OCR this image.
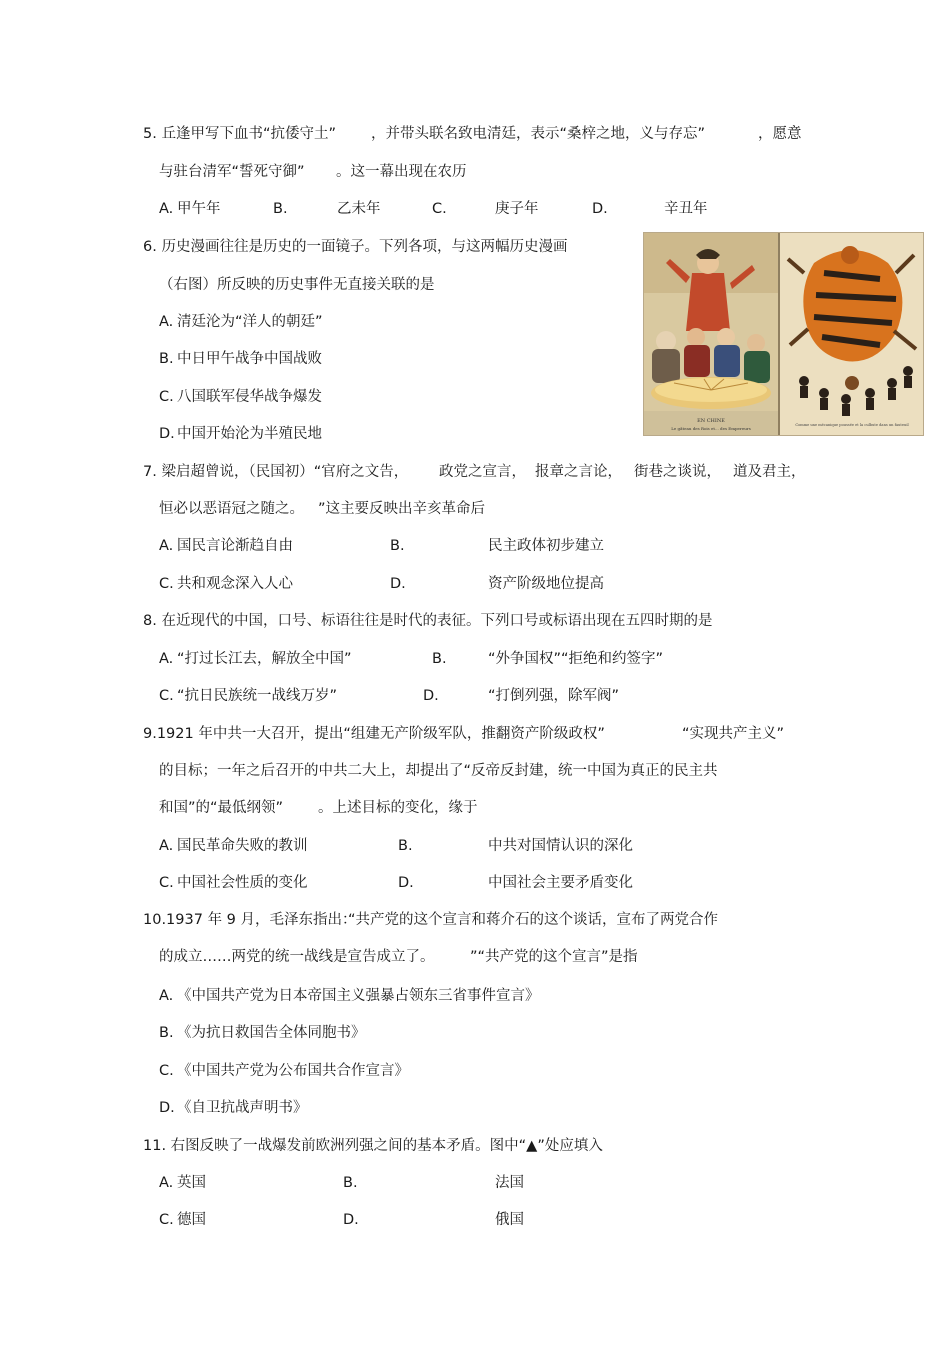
5. 丘逢甲写下血书“抗倭守土” ，并带头联名致电清廷，表示“桑梓之地，义与存忘”	，愿意
与驻台清军“誓死守御” 。这一幕出现在农历
A. 甲午年	B.	乙未年	C.	庚子年	D.	辛丑年
6. 历史漫画往往是历史的一面镜子。下列各项，与这两幅历史漫画
（右图）所反映的历史事件无直接关联的是
A. 清廷沦为“洋人的朝廷”
B. 中日甲午战争中国战败
C. 八国联军侵华战争爆发
D. 中国开始沦为半殖民地
EN CHINE
Le gâteau des Rois et... des Empereurs
Comme une mécanique poussée et la culbute dans un fauteuil
7. 梁启超曾说，（民国初）“官府之文告， 政党之宣言， 报章之言论， 街巷之谈说， 道及君主，
恒必以恶语冠之随之。 ”这主要反映出辛亥革命后
A. 国民言论渐趋自由	B.	民主政体初步建立
C. 共和观念深入人心	D.	资产阶级地位提高
8. 在近现代的中国，口号、标语往往是时代的表征。下列口号或标语出现在五四时期的是
A. “打过长江去，解放全中国”	B.	“外争国权”“拒绝和约签字”
C. “抗日民族统一战线万岁”	D.	“打倒列强，除军阀”
9.1921 年中共一大召开，提出“组建无产阶级军队，推翻资产阶级政权”	“实现共产主义”
的目标；一年之后召开的中共二大上，却提出了“反帝反封建，统一中国为真正的民主共
和国”的“最低纲领” 。上述目标的变化，缘于
A. 国民革命失败的教训	B.	中共对国情认识的深化
C. 中国社会性质的变化	D.	中国社会主要矛盾变化
10.1937 年 9 月，毛泽东指出：
“共产党的这个宣言和蒋介石的这个谈话，宣布了两党合作
的成立……两党的统一战线是宣告成立了。 ”“共产党的这个宣言”是指
A. 《中国共产党为日本帝国主义强暴占领东三省事件宣言》
B. 《为抗日救国告全体同胞书》
C. 《中国共产党为公布国共合作宣言》
D. 《自卫抗战声明书》
11. 右图反映了一战爆发前欧洲列强之间的基本矛盾。图中“▲”处应填入
A. 英国	B.	法国
C. 德国	D.	俄国
